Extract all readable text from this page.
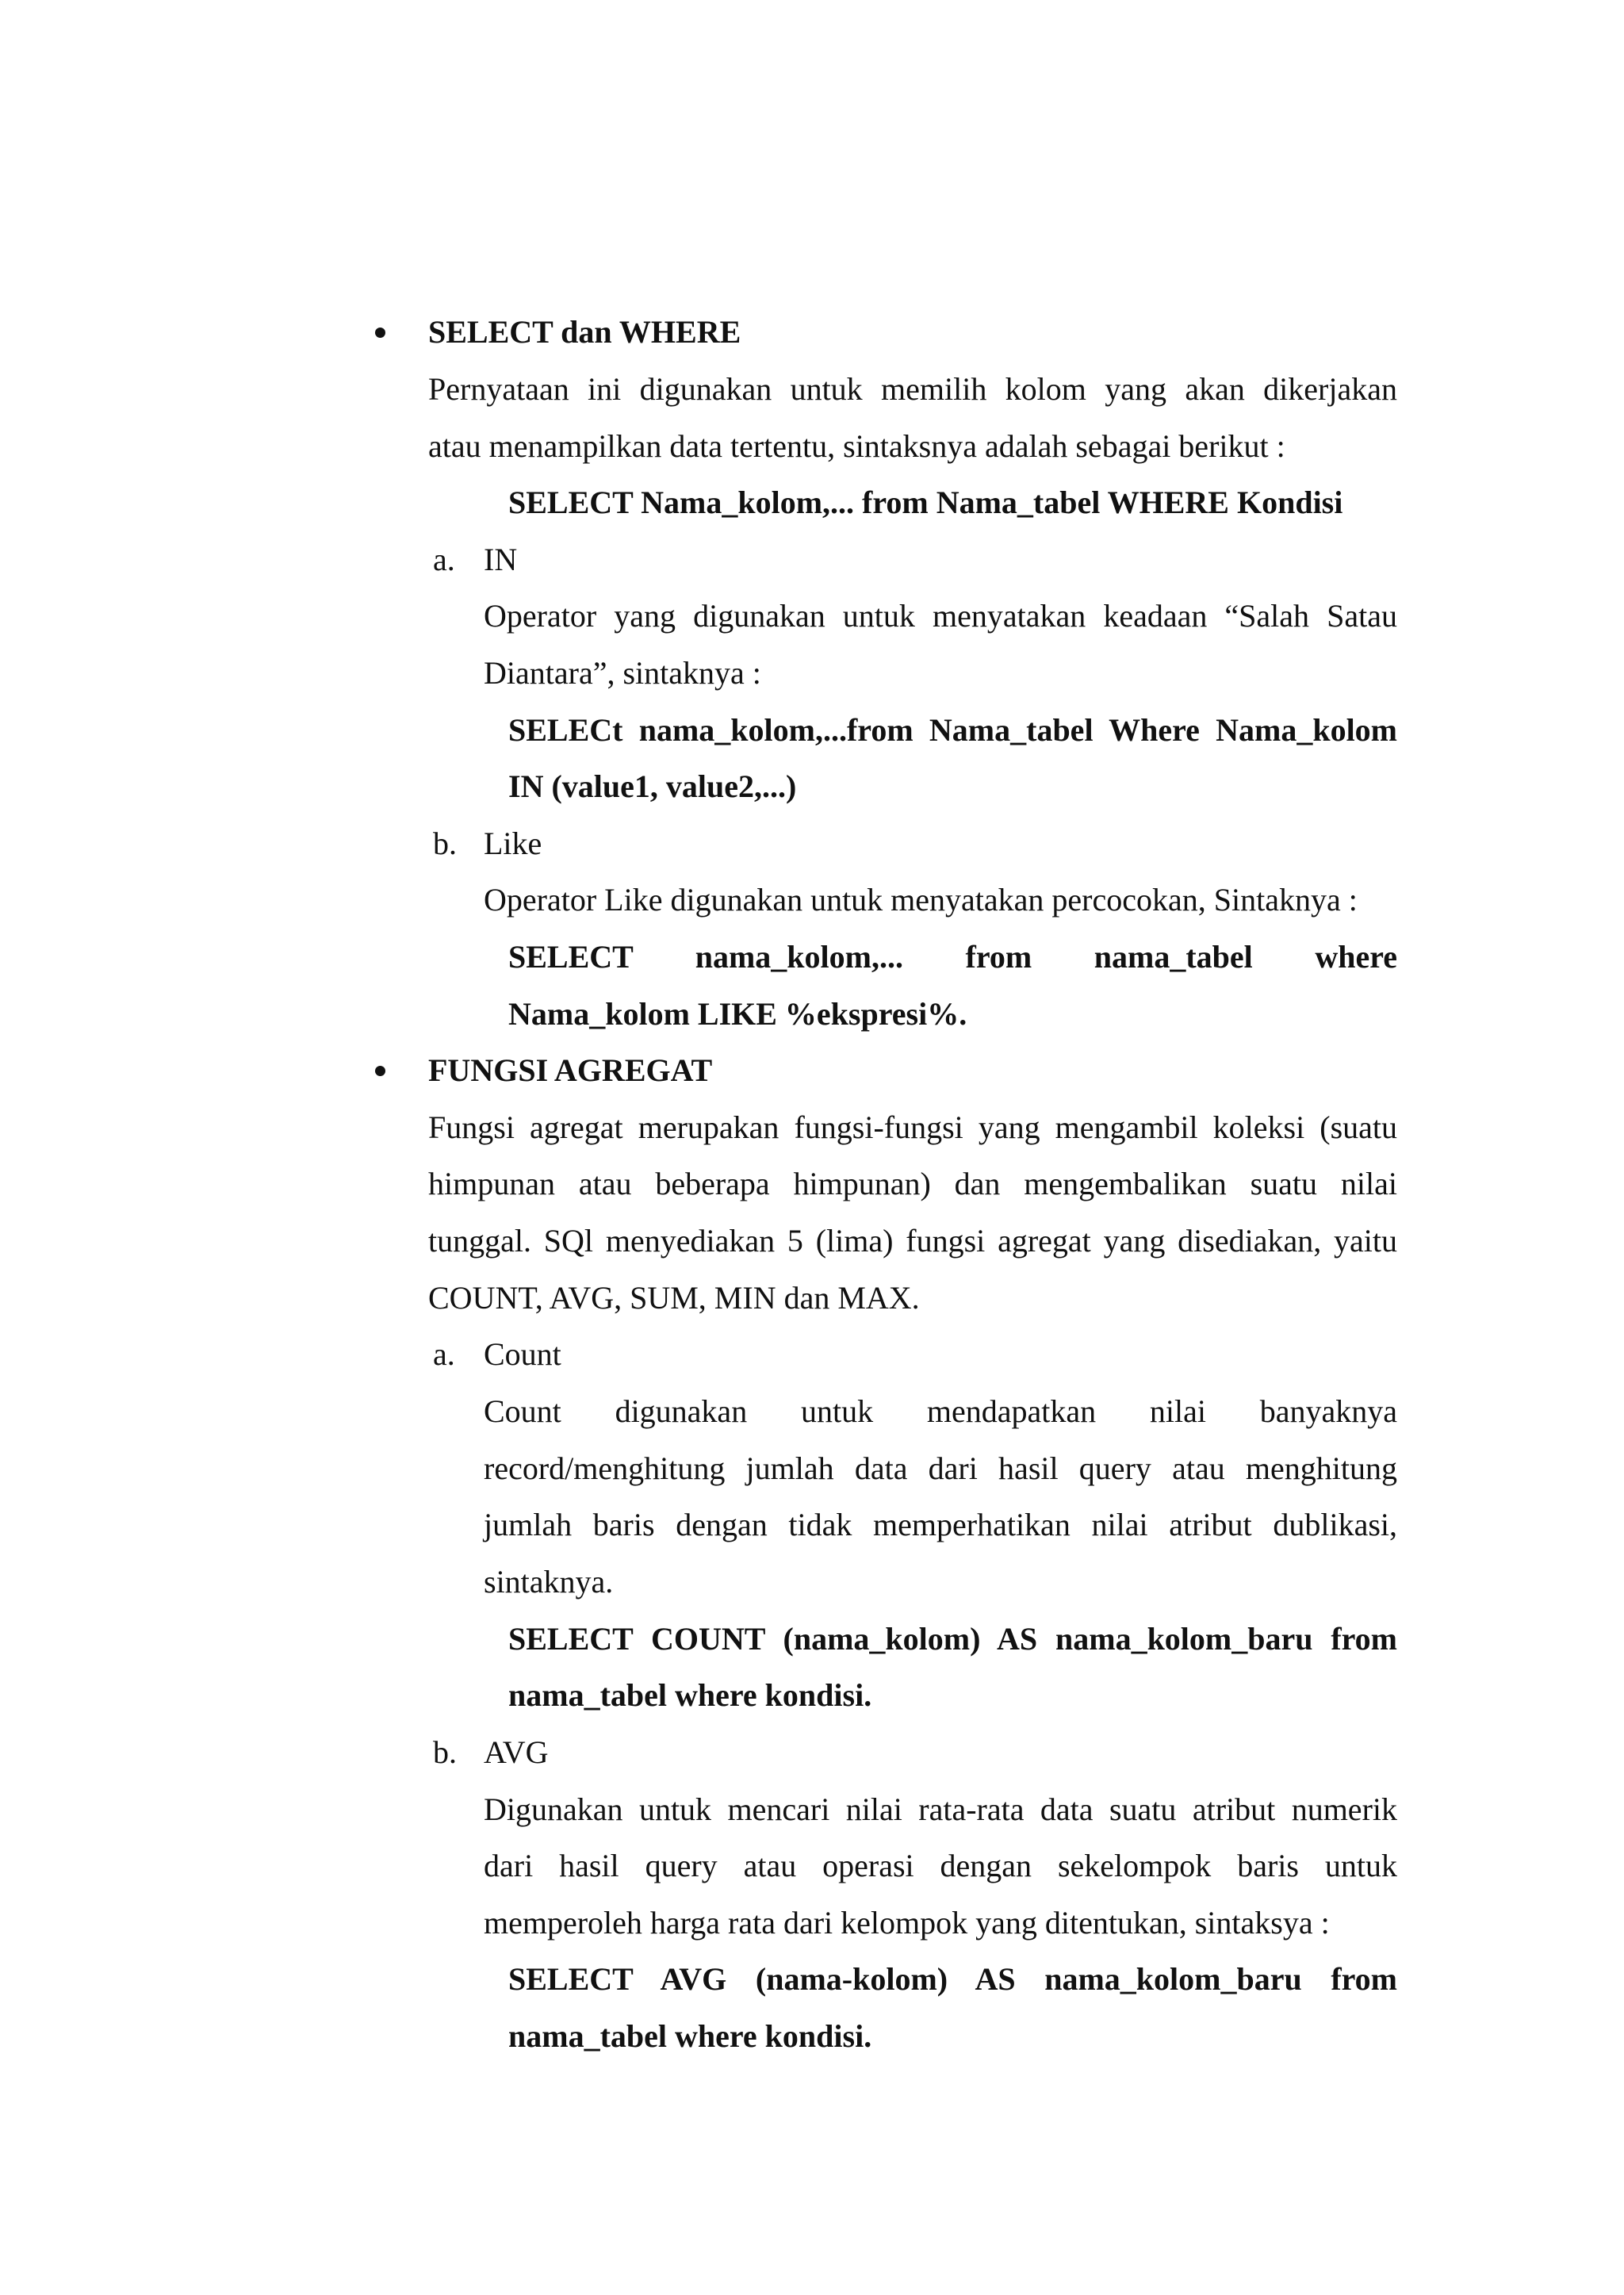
SELECT dan WHERE
Pernyataan ini digunakan untuk memilih kolom yang akan dikerjakan
atau menampilkan data tertentu, sintaksnya adalah sebagai berikut :
SELECT Nama_kolom,... from Nama_tabel WHERE Kondisi
a. IN
Operator yang digunakan untuk menyatakan keadaan “Salah Satau
Diantara”, sintaknya :
SELECt nama_kolom,...from Nama_tabel Where Nama_kolom
IN (value1, value2,...)
b. Like
Operator Like digunakan untuk menyatakan percocokan, Sintaknya :
SELECT nama_kolom,... from nama_tabel where
Nama_kolom LIKE %ekspresi%.
FUNGSI AGREGAT
Fungsi agregat merupakan fungsi-fungsi yang mengambil koleksi (suatu
himpunan atau beberapa himpunan) dan mengembalikan suatu nilai
tunggal. SQl menyediakan 5 (lima) fungsi agregat yang disediakan, yaitu
COUNT, AVG, SUM, MIN dan MAX.
a. Count
Count digunakan untuk mendapatkan nilai banyaknya
record/menghitung jumlah data dari hasil query atau menghitung
jumlah baris dengan tidak memperhatikan nilai atribut dublikasi,
sintaknya.
SELECT COUNT (nama_kolom) AS nama_kolom_baru from
nama_tabel where kondisi.
b. AVG
Digunakan untuk mencari nilai rata-rata data suatu atribut numerik
dari hasil query atau operasi dengan sekelompok baris untuk
memperoleh harga rata dari kelompok yang ditentukan, sintaksya :
SELECT AVG (nama-kolom) AS nama_kolom_baru from
nama_tabel where kondisi.
